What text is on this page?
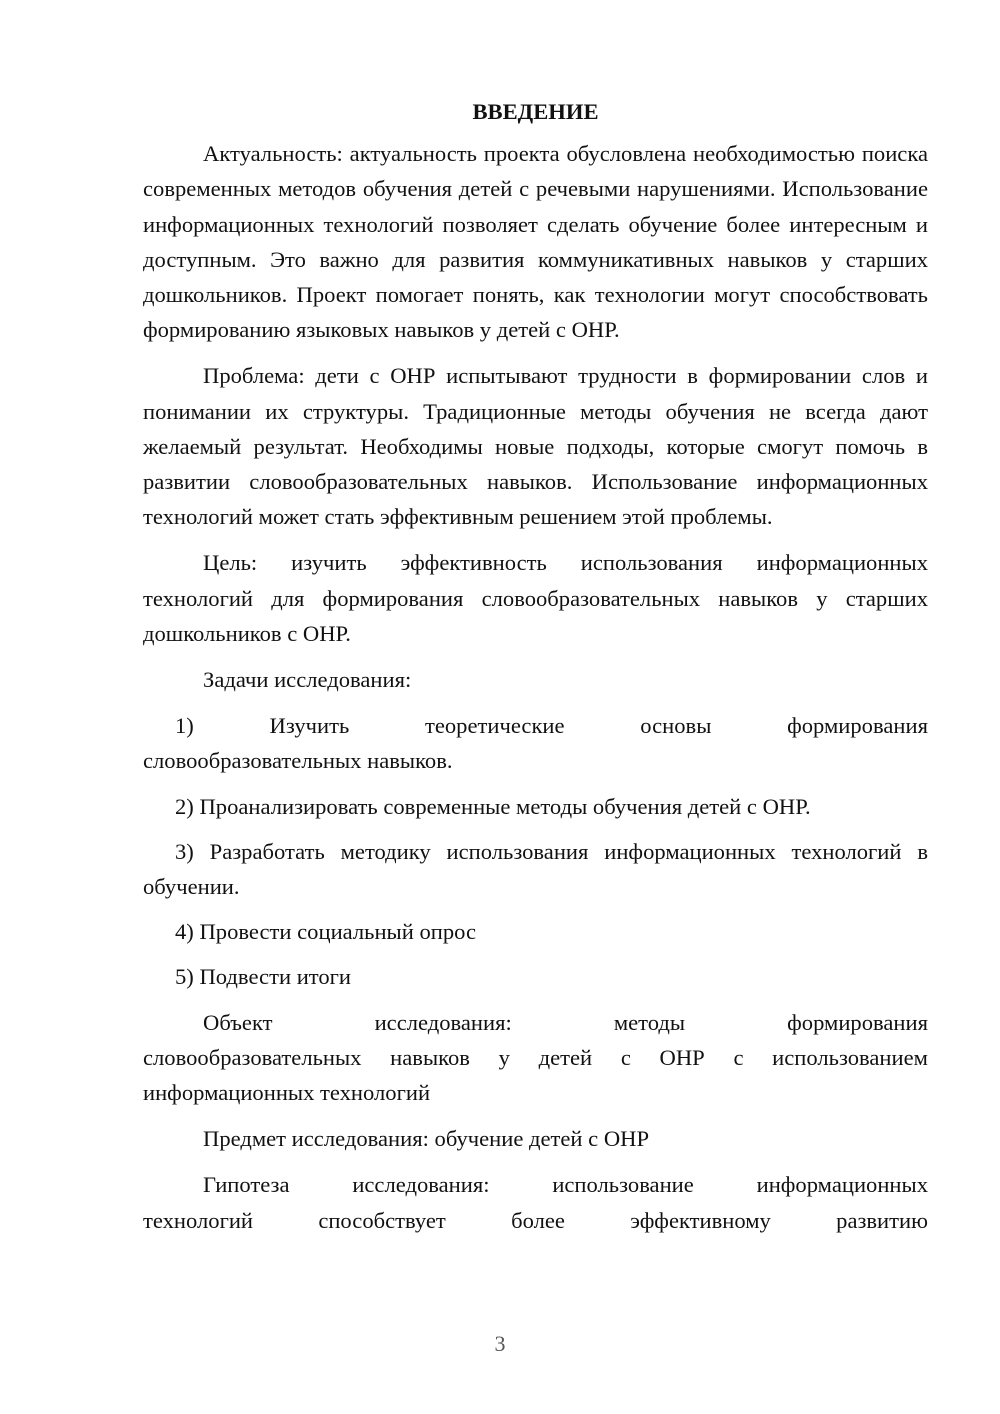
ВВЕДЕНИЕ

Актуальность: актуальность проекта обусловлена необходимостью поиска современных методов обучения детей с речевыми нарушениями. Использование информационных технологий позволяет сделать обучение более интересным и доступным. Это важно для развития коммуникативных навыков у старших дошкольников. Проект помогает понять, как технологии могут способствовать формированию языковых навыков у детей с ОНР.

Проблема: дети с ОНР испытывают трудности в формировании слов и понимании их структуры. Традиционные методы обучения не всегда дают желаемый результат. Необходимы новые подходы, которые смогут помочь в развитии словообразовательных навыков. Использование информационных технологий может стать эффективным решением этой проблемы.

Цель: изучить эффективность использования информационных технологий для формирования словообразовательных навыков у старших дошкольников с ОНР.

Задачи исследования:

1)	Изучить	теоретические	основы	формирования
словообразовательных навыков.

2) Проанализировать современные методы обучения детей с ОНР.

3) Разработать методику использования информационных технологий в обучении.

4) Провести социальный опрос

5) Подвести итоги

Объект	исследования:	методы	формирования
словообразовательных навыков у детей с ОНР с использованием
информационных технологий

Предмет исследования: обучение детей с ОНР

Гипотеза	исследования:	использование	информационных
технологий	способствует	более	эффективному	развитию
3
